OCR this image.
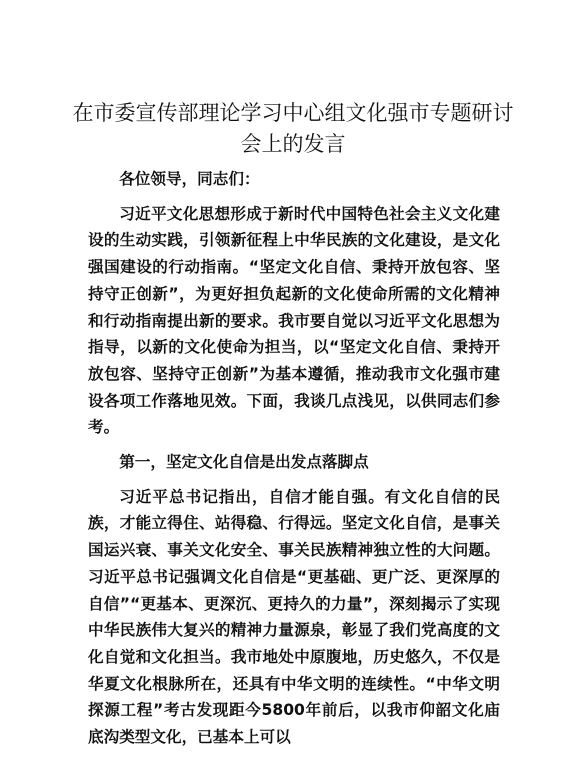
在市委宣传部理论学习中心组文化强市专题研讨会上的发言

各位领导，同志们：

习近平文化思想形成于新时代中国特色社会主义文化建设的生动实践，引领新征程上中华民族的文化建设，是文化强国建设的行动指南。“坚定文化自信、秉持开放包容、坚持守正创新”，为更好担负起新的文化使命所需的文化精神和行动指南提出新的要求。我市要自觉以习近平文化思想为指导，以新的文化使命为担当，以“坚定文化自信、秉持开放包容、坚持守正创新”为基本遵循，推动我市文化强市建设各项工作落地见效。下面，我谈几点浅见，以供同志们参考。

第一，坚定文化自信是出发点落脚点

习近平总书记指出，自信才能自强。有文化自信的民族，才能立得住、站得稳、行得远。坚定文化自信，是事关国运兴衰、事关文化安全、事关民族精神独立性的大问题。习近平总书记强调文化自信是“更基础、更广泛、更深厚的自信”“更基本、更深沉、更持久的力量”，深刻揭示了实现中华民族伟大复兴的精神力量源泉，彰显了我们党高度的文化自觉和文化担当。我市地处中原腹地，历史悠久，不仅是华夏文化根脉所在，还具有中华文明的连续性。“中华文明探源工程”考古发现距今5800年前后，以我市仰韶文化庙底沟类型文化，已基本上可以
